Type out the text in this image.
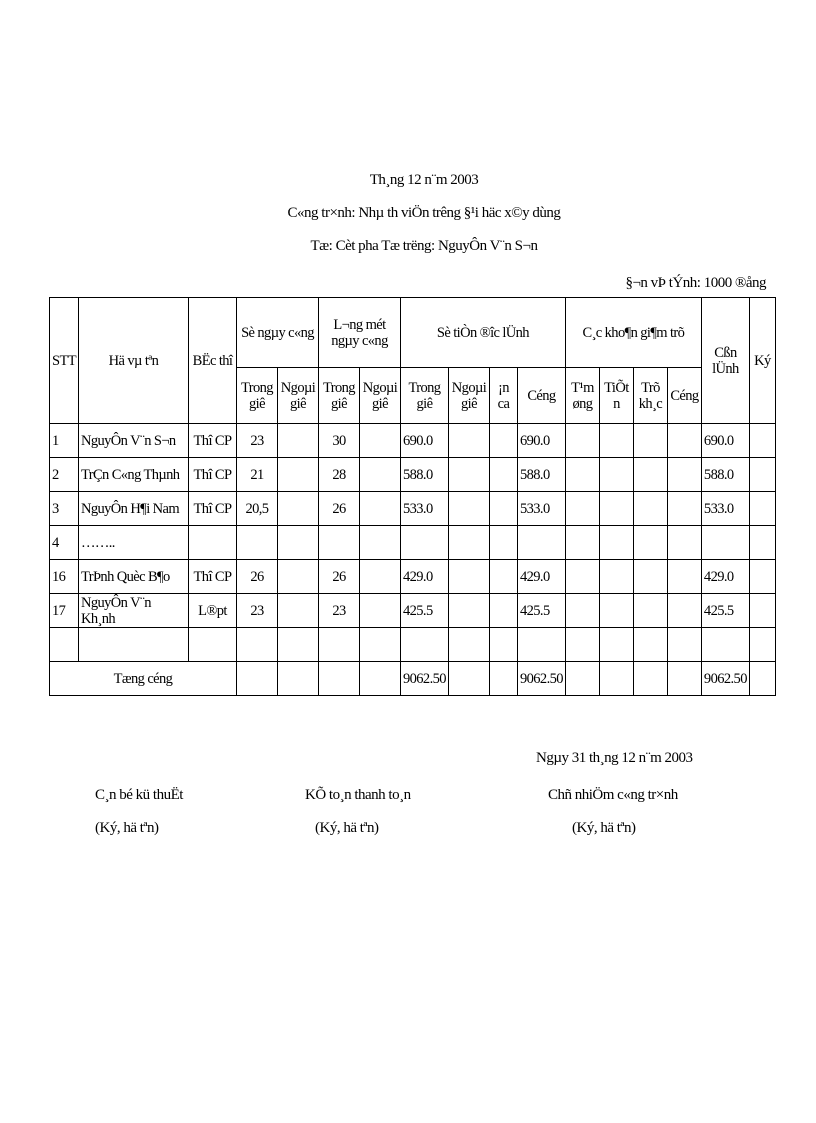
Th¸ng 12 n¨m 2003
C«ng tr×nh: Nhµ th viÖn trêng §¹i häc x©y dùng
Tæ: Cèt pha Tæ trëng: NguyÔn V¨n S¬n
§¬n vÞ tÝnh: 1000 ®ång
STT	Hä vµ tªn	BËc thî	Sè ngµy c«ng		L¬ng mét ngµy c«ng		Sè tiÒn ®îc lÜnh				C¸c kho¶n gi¶m trõ				Cßn lÜnh	Ký
			Trong giê	Ngoµi giê	Trong giê	Ngoµi giê	Trong giê	Ngoµi giê	¡n ca	Céng	T¹m øng	TiÕt n	Trõ kh¸c	Céng		
1	NguyÔn V¨n S¬n	Thî CP	23		30		690.0			690.0					690.0	
2	TrÇn C«ng Thµnh	Thî CP	21		28		588.0			588.0					588.0	
3	NguyÔn H¶i Nam	Thî CP	20,5		26		533.0			533.0					533.0	
4	……..															
16	TrÞnh Quèc B¶o	Thî CP	26		26		429.0			429.0					429.0	
17	NguyÔn V¨n Kh¸nh	L®pt	23		23		425.5			425.5					425.5	

Tæng céng							9062.50			9062.50					9062.50	
Ngµy 31 th¸ng 12 n¨m 2003
C¸n bé kü thuËt
(Ký, hä tªn)
KÕ to¸n thanh to¸n
(Ký, hä tªn)
Chñ nhiÖm c«ng tr×nh
(Ký, hä tªn)
